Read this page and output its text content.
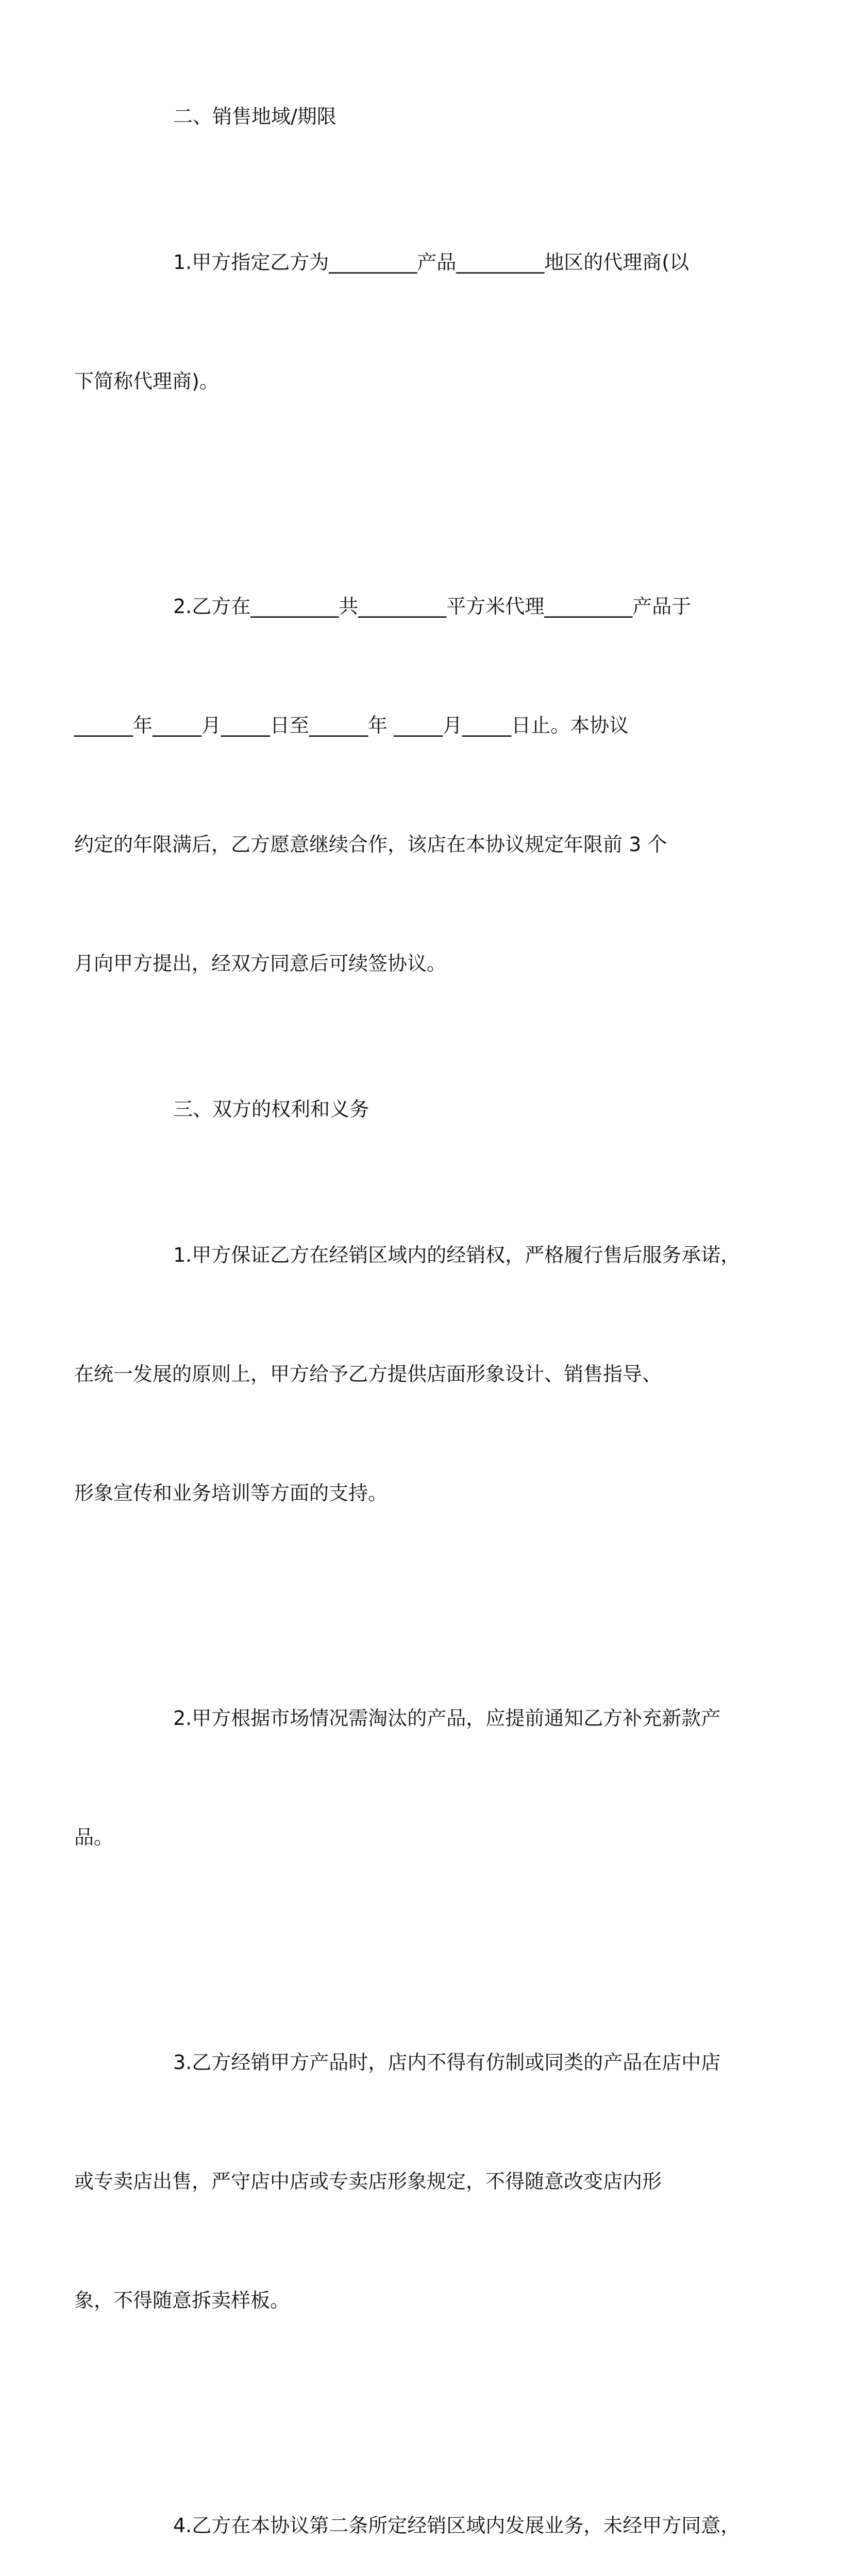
二、销售地域/期限

1.甲方指定乙方为_________产品_________地区的代理商(以

下简称代理商)。

2.乙方在_________共_________平方米代理_________产品于

______年_____月_____日至______年 _____月_____日止。本协议

约定的年限满后，乙方愿意继续合作，该店在本协议规定年限前 3 个

月向甲方提出，经双方同意后可续签协议。

三、双方的权利和义务

1.甲方保证乙方在经销区域内的经销权，严格履行售后服务承诺，

在统一发展的原则上，甲方给予乙方提供店面形象设计、销售指导、

形象宣传和业务培训等方面的支持。

2.甲方根据市场情况需淘汰的产品，应提前通知乙方补充新款产

品。

3.乙方经销甲方产品时，店内不得有仿制或同类的产品在店中店

或专卖店出售，严守店中店或专卖店形象规定，不得随意改变店内形

象，不得随意拆卖样板。

4.乙方在本协议第二条所定经销区域内发展业务，未经甲方同意，
